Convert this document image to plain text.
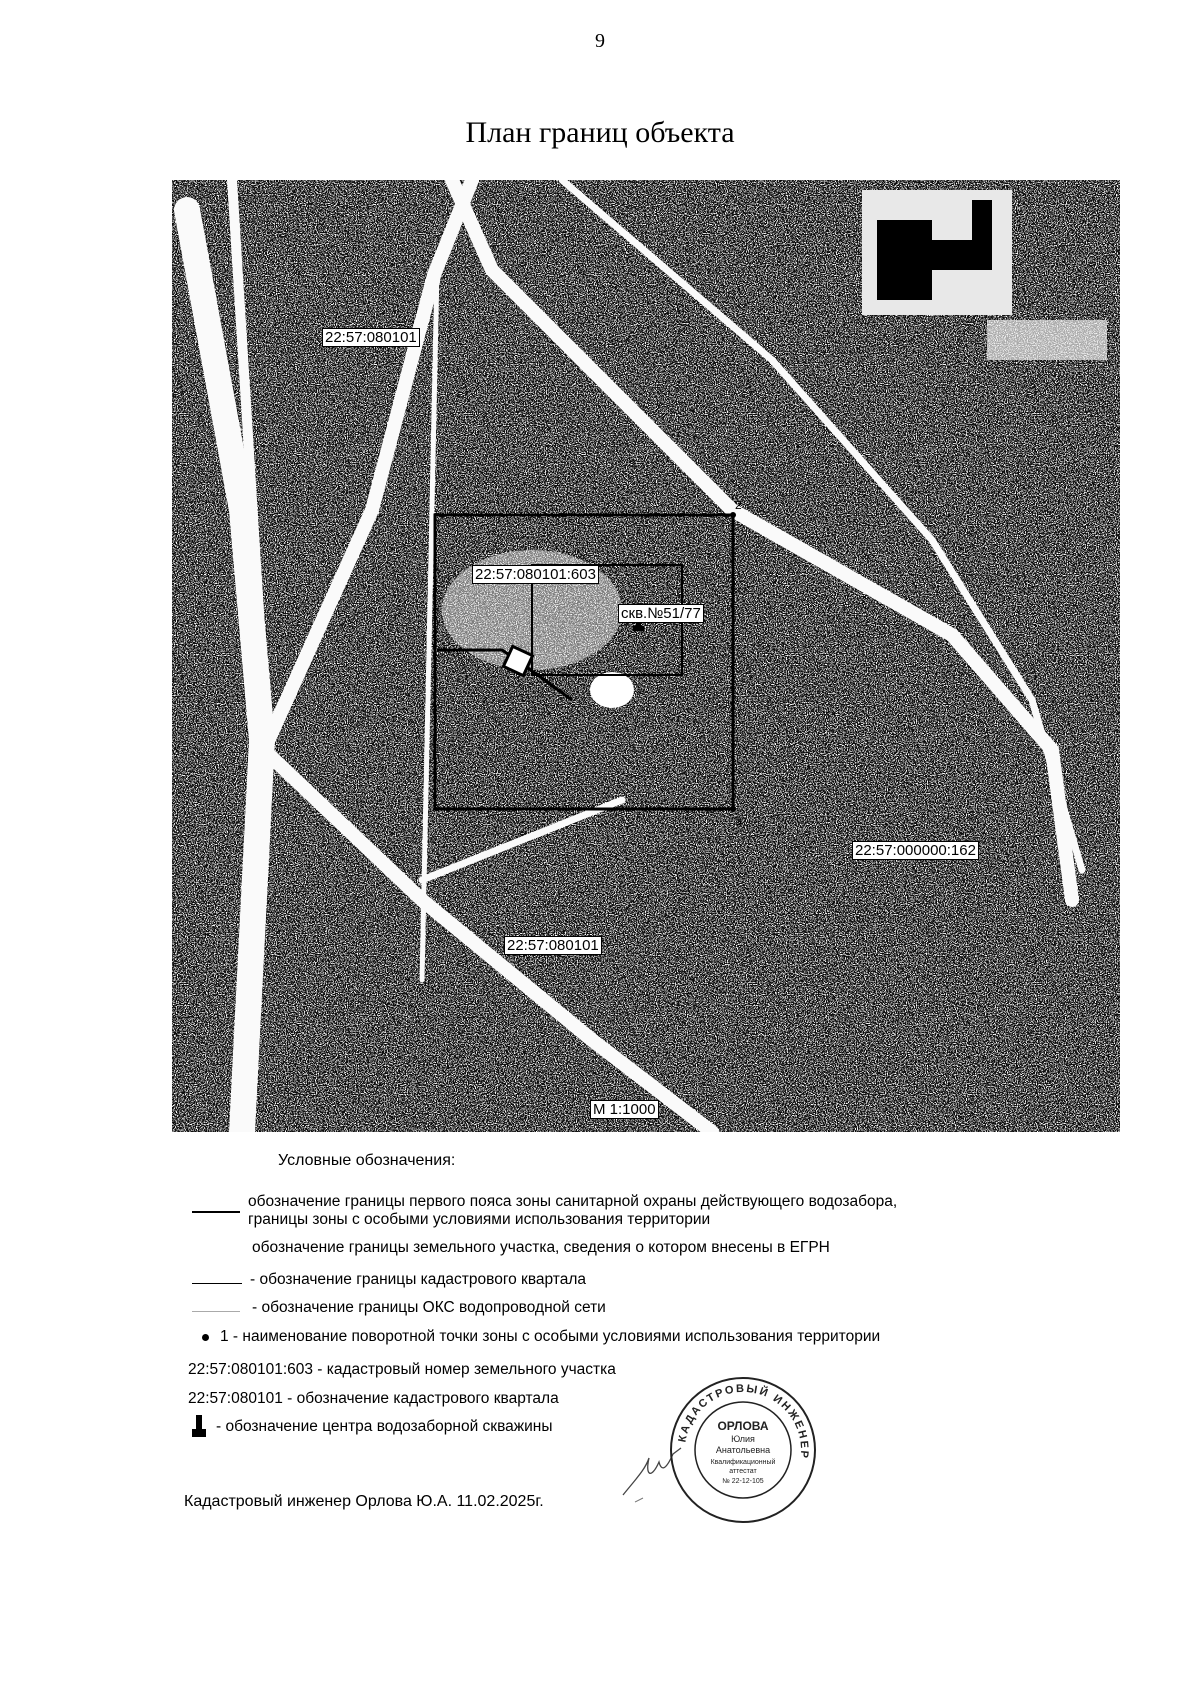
9
План границ объекта
2
3
22:57:080101
22:57:080101:603
скв.№51/77
22:57:000000:162
22:57:080101
М 1:1000
Условные обозначения:
обозначение границы первого пояса зоны санитарной охраны действующего водозабора,
границы зоны с особыми условиями использования территории
обозначение границы земельного участка, сведения о котором внесены в ЕГРН
- обозначение границы кадастрового квартала
- обозначение границы ОКС водопроводной сети
1 - наименование поворотной точки зоны с особыми условиями использования территории
22:57:080101:603 - кадастровый номер земельного участка
22:57:080101 - обозначение кадастрового квартала
- обозначение центра водозаборной скважины
Кадастровый инженер Орлова Ю.А. 11.02.2025г.
КАДАСТРОВЫЙ ИНЖЕНЕР
ОРЛОВА
Юлия
Анатольевна
Квалификационный
аттестат
№ 22-12-105
